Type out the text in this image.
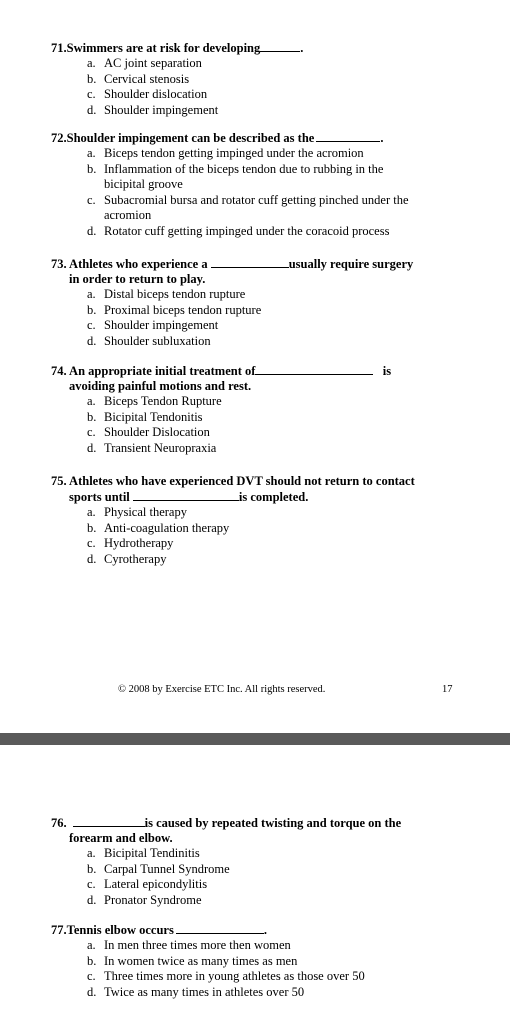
71.Swimmers are at risk for developing	.

a. AC joint separation
b. Cervical stenosis
c. Shoulder dislocation
d. Shoulder impingement

72.Shoulder impingement can be described as the	.

a. Biceps tendon getting impinged under the acromion
b. Inflammation of the biceps tendon due to rubbing in the bicipital groove
c. Subacromial bursa and rotator cuff getting pinched under the acromion
d. Rotator cuff getting impinged under the coracoid process

73. Athletes who experience a	usually require surgery
in order to return to play.

a. Distal biceps tendon rupture
b. Proximal biceps tendon rupture
c. Shoulder impingement
d. Shoulder subluxation

74. An appropriate initial treatment of	is
avoiding painful motions and rest.

a. Biceps Tendon Rupture
b. Bicipital Tendonitis
c. Shoulder Dislocation
d. Transient Neuropraxia

75. Athletes who have experienced DVT should not return to contact
sports until	is completed.

a. Physical therapy
b. Anti-coagulation therapy
c. Hydrotherapy
d. Cyrotherapy
© 2008 by Exercise ETC Inc. All rights reserved.	17

76.	is caused by repeated twisting and torque on the
forearm and elbow.

a. Bicipital Tendinitis
b. Carpal Tunnel Syndrome
c. Lateral epicondylitis
d. Pronator Syndrome

77.Tennis elbow occurs	.

a. In men three times more then women
b. In women twice as many times as men
c. Three times more in young athletes as those over 50
d. Twice as many times in athletes over 50
